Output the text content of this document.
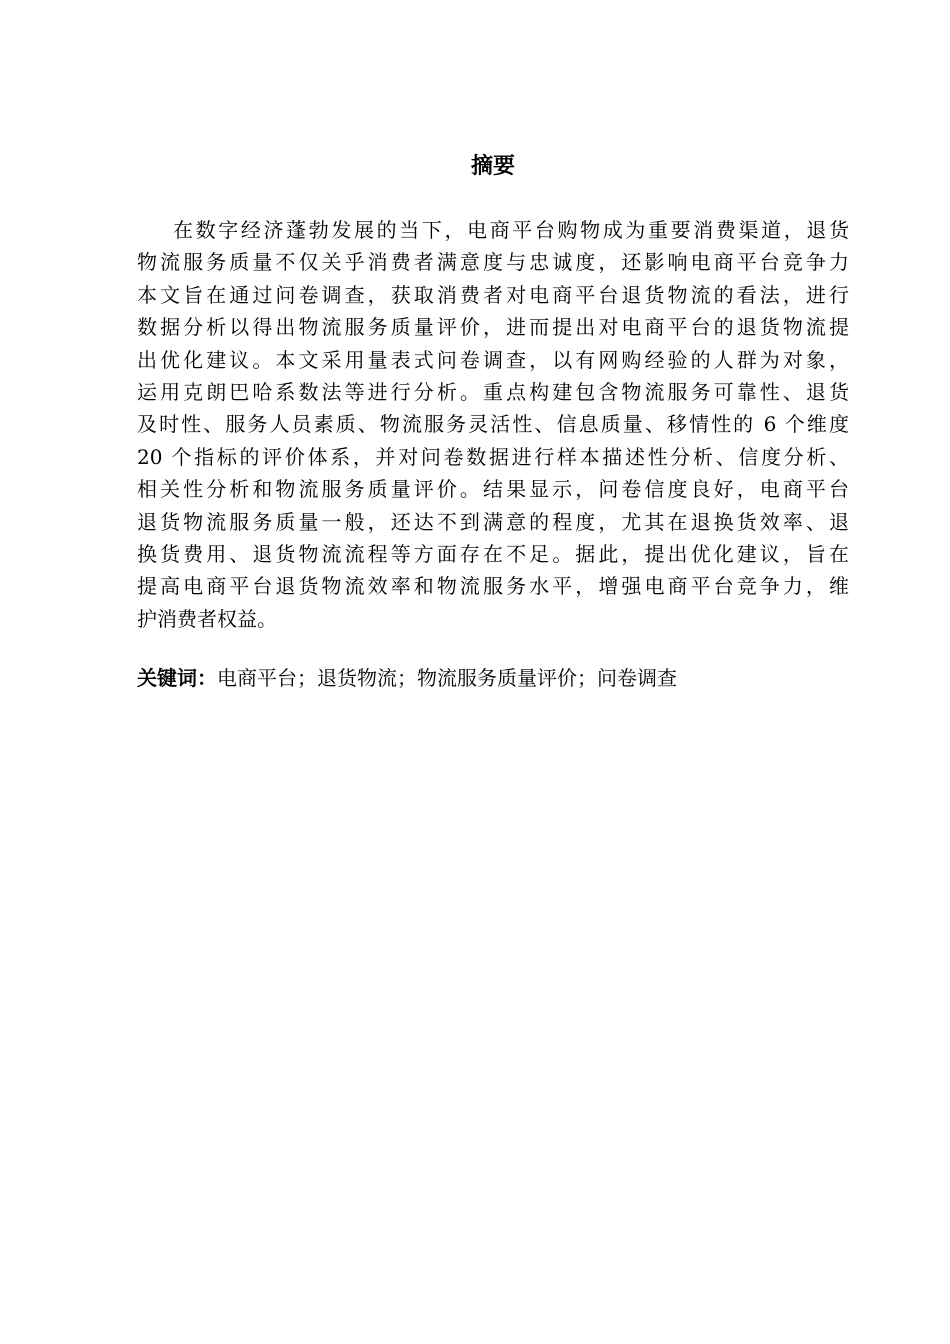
摘要
在数字经济蓬勃发展的当下，电商平台购物成为重要消费渠道，退货
物流服务质量不仅关乎消费者满意度与忠诚度，还影响电商平台竞争力
本文旨在通过问卷调查，获取消费者对电商平台退货物流的看法，进行
数据分析以得出物流服务质量评价，进而提出对电商平台的退货物流提
出优化建议。本文采用量表式问卷调查，以有网购经验的人群为对象，
运用克朗巴哈系数法等进行分析。重点构建包含物流服务可靠性、退货
及时性、服务人员素质、物流服务灵活性、信息质量、移情性的 6 个维度
20 个指标的评价体系，并对问卷数据进行样本描述性分析、信度分析、
相关性分析和物流服务质量评价。结果显示，问卷信度良好，电商平台
退货物流服务质量一般，还达不到满意的程度，尤其在退换货效率、退
换货费用、退货物流流程等方面存在不足。据此，提出优化建议，旨在
提高电商平台退货物流效率和物流服务水平，增强电商平台竞争力，维
护消费者权益。

关键词：电商平台；退货物流；物流服务质量评价；问卷调查
